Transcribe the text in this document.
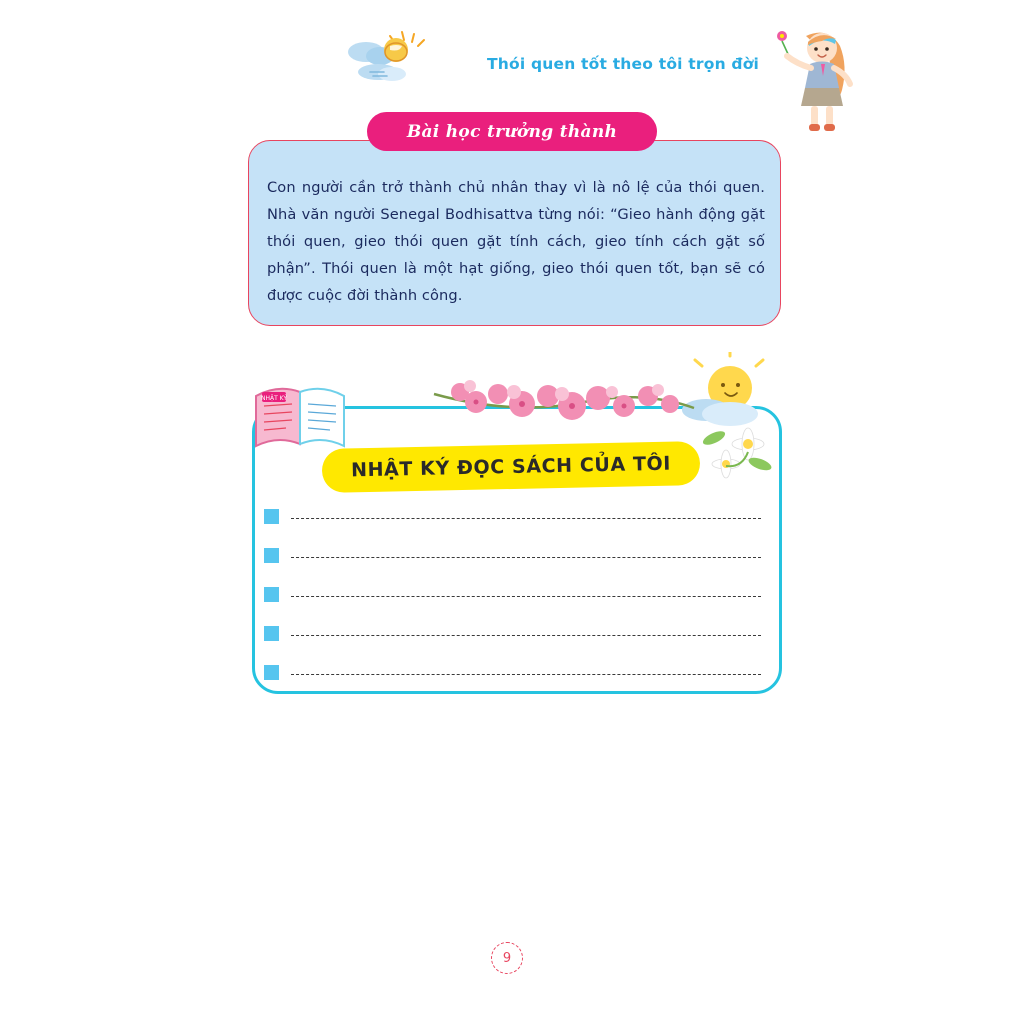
Thói quen tốt theo tôi trọn đời
Con người cần trở thành chủ nhân thay vì là nô lệ của thói quen. Nhà văn người Senegal Bodhisattva từng nói: “Gieo hành động gặt thói quen, gieo thói quen gặt tính cách, gieo tính cách gặt số phận”. Thói quen là một hạt giống, gieo thói quen tốt, bạn sẽ có được cuộc đời thành công.
Bài học trưởng thành
NHẬT KÝ
NHẬT KÝ ĐỌC SÁCH CỦA TÔI
9
